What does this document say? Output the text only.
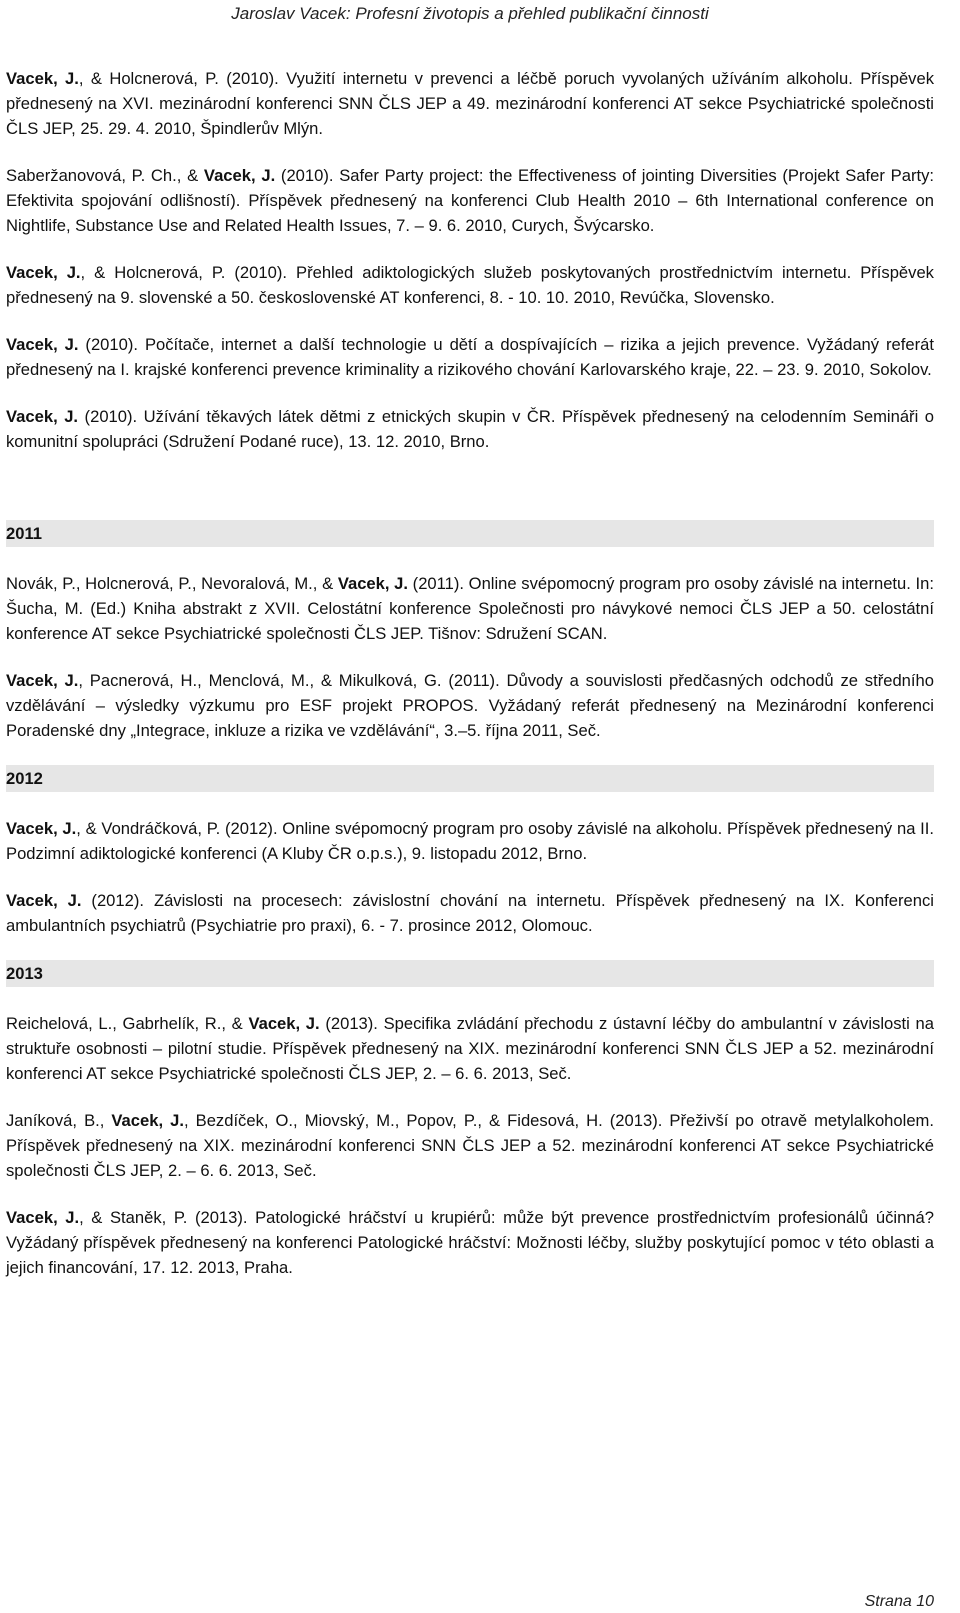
Jaroslav Vacek: Profesní životopis a přehled publikační činnosti

Vacek, J., & Holcnerová, P. (2010). Využití internetu v prevenci a léčbě poruch vyvolaných užíváním alkoholu. Příspěvek přednesený na XVI. mezinárodní konferenci SNN ČLS JEP a 49. mezinárodní konferenci AT sekce Psychiatrické společnosti ČLS JEP, 25. 29. 4. 2010, Špindlerův Mlýn.

Saberžanovová, P. Ch., & Vacek, J. (2010). Safer Party project: the Effectiveness of jointing Diversities (Projekt Safer Party: Efektivita spojování odlišností). Příspěvek přednesený na konferenci Club Health 2010 – 6th International conference on Nightlife, Substance Use and Related Health Issues, 7. – 9. 6. 2010, Curych, Švýcarsko.

Vacek, J., & Holcnerová, P. (2010). Přehled adiktologických služeb poskytovaných prostřednictvím internetu. Příspěvek přednesený na 9. slovenské a 50. československé AT konferenci, 8. - 10. 10. 2010, Revúčka, Slovensko.

Vacek, J. (2010). Počítače, internet a další technologie u dětí a dospívajících – rizika a jejich prevence. Vyžádaný referát přednesený na I. krajské konferenci prevence kriminality a rizikového chování Karlovarského kraje, 22. – 23. 9. 2010, Sokolov.

Vacek, J. (2010). Užívání těkavých látek dětmi z etnických skupin v ČR. Příspěvek přednesený na celodenním Semináři o komunitní spolupráci (Sdružení Podané ruce), 13. 12. 2010, Brno.

2011

Novák, P., Holcnerová, P., Nevoralová, M., & Vacek, J. (2011). Online svépomocný program pro osoby závislé na internetu. In: Šucha, M. (Ed.) Kniha abstrakt z XVII. Celostátní konference Společnosti pro návykové nemoci ČLS JEP a 50. celostátní konference AT sekce Psychiatrické společnosti ČLS JEP. Tišnov: Sdružení SCAN.

Vacek, J., Pacnerová, H., Menclová, M., & Mikulková, G. (2011). Důvody a souvislosti předčasných odchodů ze středního vzdělávání – výsledky výzkumu pro ESF projekt PROPOS. Vyžádaný referát přednesený na Mezinárodní konferenci Poradenské dny „Integrace, inkluze a rizika ve vzdělávání“, 3.–5. října 2011, Seč.

2012

Vacek, J., & Vondráčková, P. (2012). Online svépomocný program pro osoby závislé na alkoholu. Příspěvek přednesený na II. Podzimní adiktologické konferenci (A Kluby ČR o.p.s.), 9. listopadu 2012, Brno.

Vacek, J. (2012). Závislosti na procesech: závislostní chování na internetu. Příspěvek přednesený na IX. Konferenci ambulantních psychiatrů (Psychiatrie pro praxi), 6. - 7. prosince 2012, Olomouc.

2013

Reichelová, L., Gabrhelík, R., & Vacek, J. (2013). Specifika zvládání přechodu z ústavní léčby do ambulantní v závislosti na struktuře osobnosti – pilotní studie. Příspěvek přednesený na XIX. mezinárodní konferenci SNN ČLS JEP a 52. mezinárodní konferenci AT sekce Psychiatrické společnosti ČLS JEP, 2. – 6. 6. 2013, Seč.

Janíková, B., Vacek, J., Bezdíček, O., Miovský, M., Popov, P., & Fidesová, H. (2013). Přeživší po otravě metylalkoholem. Příspěvek přednesený na XIX. mezinárodní konferenci SNN ČLS JEP a 52. mezinárodní konferenci AT sekce Psychiatrické společnosti ČLS JEP, 2. – 6. 6. 2013, Seč.

Vacek, J., & Staněk, P. (2013). Patologické hráčství u krupiérů: může být prevence prostřednictvím profesionálů účinná? Vyžádaný příspěvek přednesený na konferenci Patologické hráčství: Možnosti léčby, služby poskytující pomoc v této oblasti a jejich financování, 17. 12. 2013, Praha.

Strana 10
